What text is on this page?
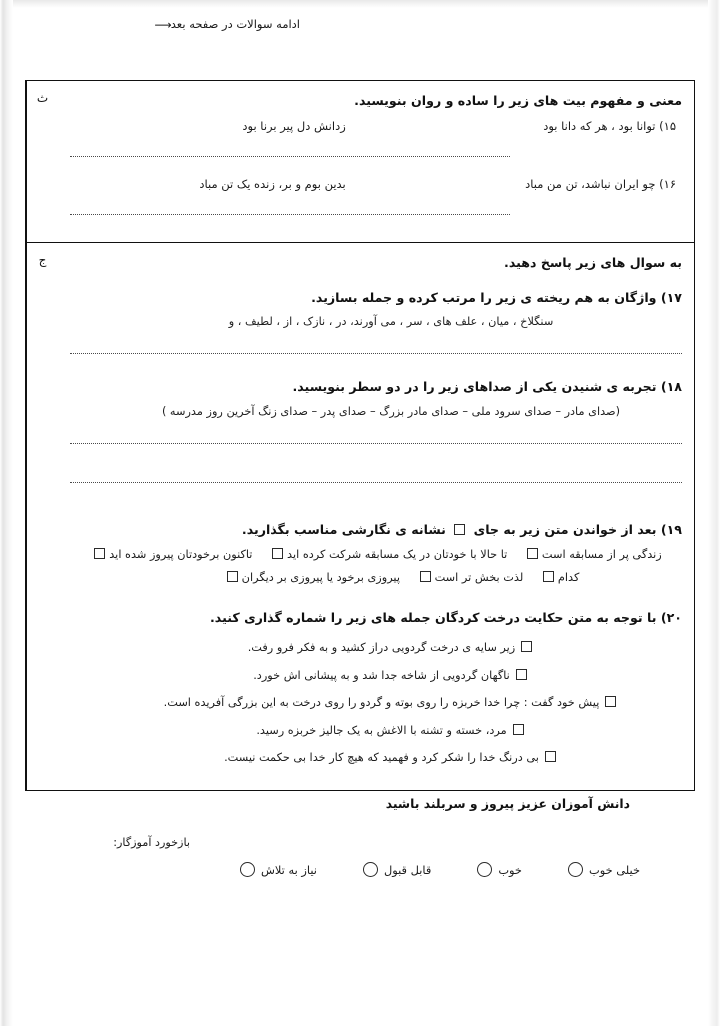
ادامه سوالات در صفحه بعد⟶
معنی و مفهوم بیت های زیر را ساده و روان بنویسید.
۱۵) توانا بود ، هر که دانا بود
زدانش دل پیر برنا بود
۱۶) چو ایران نباشد، تن من مباد
بدین بوم و بر، زنده یک تن مباد
ث
به سوال های زیر پاسخ دهید.
۱۷) واژگان به هم ریخته ی زیر را مرتب کرده و جمله بسازید.
سنگلاخ ، میان ، علف های ، سر ، می آورند، در ، نازک ، از ، لطیف ، و
۱۸) تجربه ی شنیدن یکی از صداهای زیر را در دو سطر بنویسید.
(صدای مادر – صدای سرود ملی – صدای مادر بزرگ – صدای پدر – صدای زنگ آخرین روز مدرسه )
۱۹) بعد از خواندن متن زیر به جای  نشانه ی نگارشی مناسب بگذارید.
زندگی پر از مسابقه است تا حالا با خودتان در یک مسابقه شرکت کرده اید تاکنون برخودتان پیروز شده اید
کدام لذت بخش تر است پیروزی برخود یا پیروزی بر دیگران
۲۰) با توجه به متن حکایت درخت کردگان جمله های زیر را شماره گذاری کنید.
زیر سایه ی درخت گردویی دراز کشید و به فکر فرو رفت.
ناگهان گردویی از شاخه جدا شد و به پیشانی اش خورد.
پیش خود گفت : چرا خدا خربزه را روی بوته و گردو را روی درخت به این بزرگی آفریده است.
مرد، خسته و تشنه با الاغش به یک جالیز خربزه رسید.
بی درنگ خدا را شکر کرد و فهمید که هیچ کار خدا بی حکمت نیست.
ج
دانش آموزان عزیز پیروز و سربلند باشید
بازخورد آموزگار:
خیلی خوب
خوب
قابل قبول
نیاز به تلاش
